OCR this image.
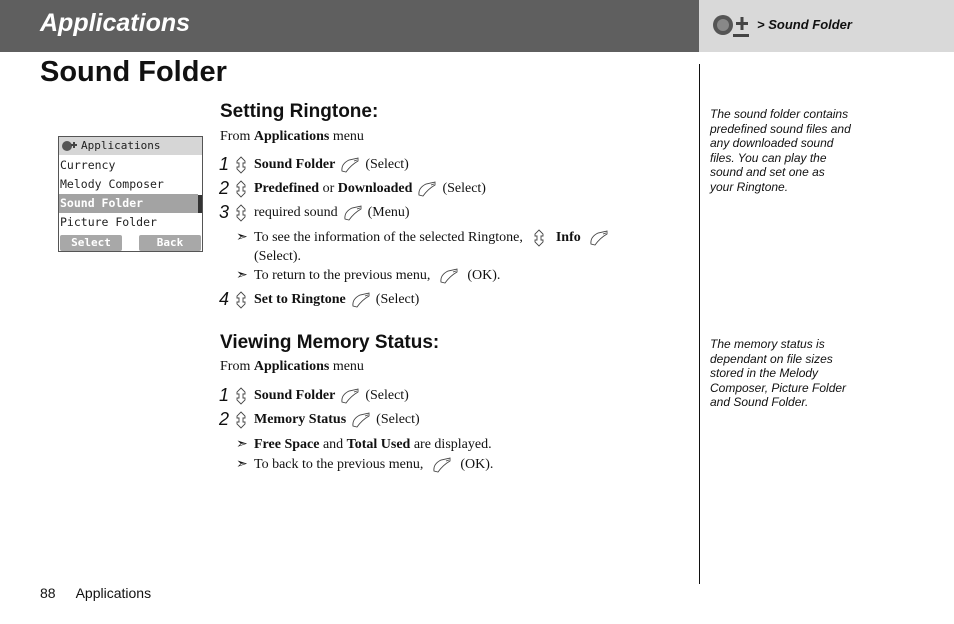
Applications	> Sound Folder
Sound Folder
Applications
Currency
Melody Composer
Sound Folder
Picture Folder
Select	Back
Setting Ringtone:
From Applications menu
1 Sound Folder (Select)
2 Predefined
or
Downloaded (Select)
3 required sound (Menu)
➣ To see the information of the selected Ringtone, Info
(Select).
➣ To return to the previous menu,	(OK).
4 Set to Ringtone (Select)
Viewing Memory Status:
From Applications menu
1 Sound Folder (Select)
2 Memory Status (Select)
➣ Free Space and Total Used are displayed.
➣ To back to the previous menu,	(OK).
The sound folder contains
predefined sound files and
any downloaded sound
files. You can play the
sound and set one as
your Ringtone.
The memory status is
dependant on file sizes
stored in the Melody
Composer, Picture Folder
and Sound Folder.
88 Applications
